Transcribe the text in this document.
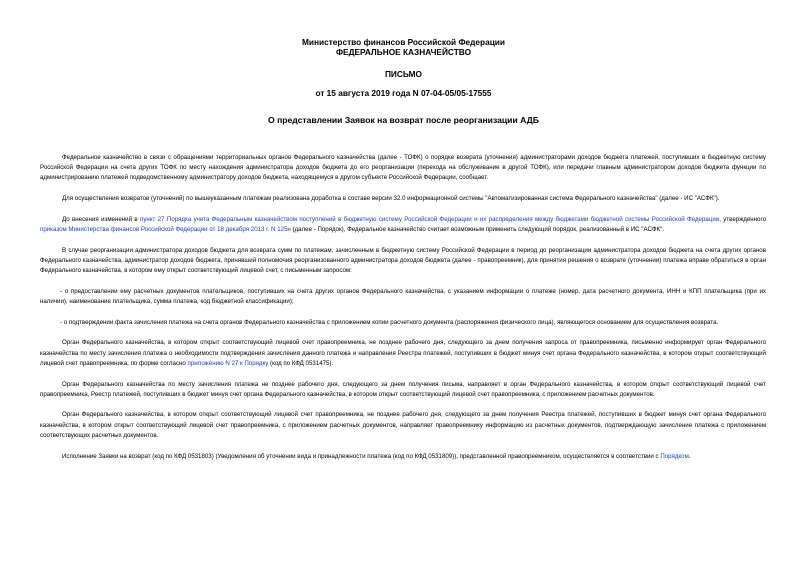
Министерство финансов Российской Федерации
ФЕДЕРАЛЬНОЕ КАЗНАЧЕЙСТВО
ПИСЬМО
от 15 августа 2019 года N 07-04-05/05-17555
О представлении Заявок на возврат после реорганизации АДБ

Федеральное казначейство в связи с обращениями территориальных органов Федерального казначейства (далее - ТОФК) о порядке возврата (уточнения) администраторами доходов бюджета платежей, поступивших в бюджетную систему Российской Федерации на счета других ТОФК по месту нахождения администратора доходов бюджета до его реорганизации (перехода на обслуживание в другой ТОФК), или передачи главным администратором доходов бюджета функции по администрированию платежей подведомственному администратору доходов бюджета, находящемуся в другом субъекте Российской Федерации, сообщает.

Для осуществления возвратов (уточнений) по вышеуказанным платежам реализована доработка в составе версии 32.0 информационной системы "Автоматизированная система Федерального казначейства" (далее - ИС "АСФК").

До внесения изменений в пункт 27 Порядка учета Федеральным казначейством поступлений в бюджетную систему Российской Федерации и их распределения между бюджетами бюджетной системы Российской Федерации, утвержденного приказом Министерства финансов Российской Федерации от 18 декабря 2013 г. N 125н (далее - Порядок), Федеральное казначейство считает возможным применить следующий порядок, реализованный в ИС "АСФК".

В случае реорганизации администратора доходов бюджета для возврата сумм по платежам, зачисленным в бюджетную систему Российской Федерации в период до реорганизации администратора доходов бюджета на счета других органов Федерального казначейства, администратор доходов бюджета, принявший полномочия реорганизованного администратора доходов бюджета (далее - правопреемник), для принятия решения о возврате (уточнении) платежа вправе обратиться в орган Федерального казначейства, в котором ему открыт соответствующий лицевой счет, с письменным запросом:

- о предоставлении ему расчетных документов плательщиков, поступивших на счета других органов Федерального казначейства, с указанием информации о платеже (номер, дата расчетного документа, ИНН и КПП плательщика (при их наличии), наименование плательщика, сумма платежа, код бюджетной классификации);

- о подтверждении факта зачисления платежа на счета органов Федерального казначейства с приложением копии расчетного документа (распоряжения физического лица), являющегося основанием для осуществления возврата.

Орган Федерального казначейства, в котором открыт соответствующий лицевой счет правопреемника, не позднее рабочего дня, следующего за днем получения запроса от правопреемника, письменно информирует орган Федерального казначейства по месту зачисления платежа о необходимости подтверждения зачисления данного платежа и направления Реестра платежей, поступивших в бюджет минуя счет органа Федерального казначейства, в котором открыт соответствующий лицевой счет правопреемника, по форме согласно приложению N 27 к Порядку (код по КФД 0531475).

Орган Федерального казначейства по месту зачисления платежа не позднее рабочего дня, следующего за днем получения письма, направляет в орган Федерального казначейства, в котором открыт соответствующий лицевой счет правопреемника, Реестр платежей, поступивших в бюджет минуя счет органа Федерального казначейства, в котором открыт соответствующий лицевой счет правопреемника, с приложением расчетных документов.

Орган Федерального казначейства, в котором открыт соответствующий лицевой счет правопреемника, не позднее рабочего дня, следующего за днем получения Реестра платежей, поступивших в бюджет минуя счет органа Федерального казначейства, в котором открыт соответствующий лицевой счет правопреемника, с приложением расчетных документов, направляет правопреемнику информацию из расчетных документов, подтверждающую зачисление платежа с приложением соответствующих расчетных документов.

Исполнение Заявки на возврат (код по КФД 0531803) (Уведомления об уточнении вида и принадлежности платежа (код по КФД 0531809)), представленной правопреемником, осуществляется в соответствии с Порядком.
